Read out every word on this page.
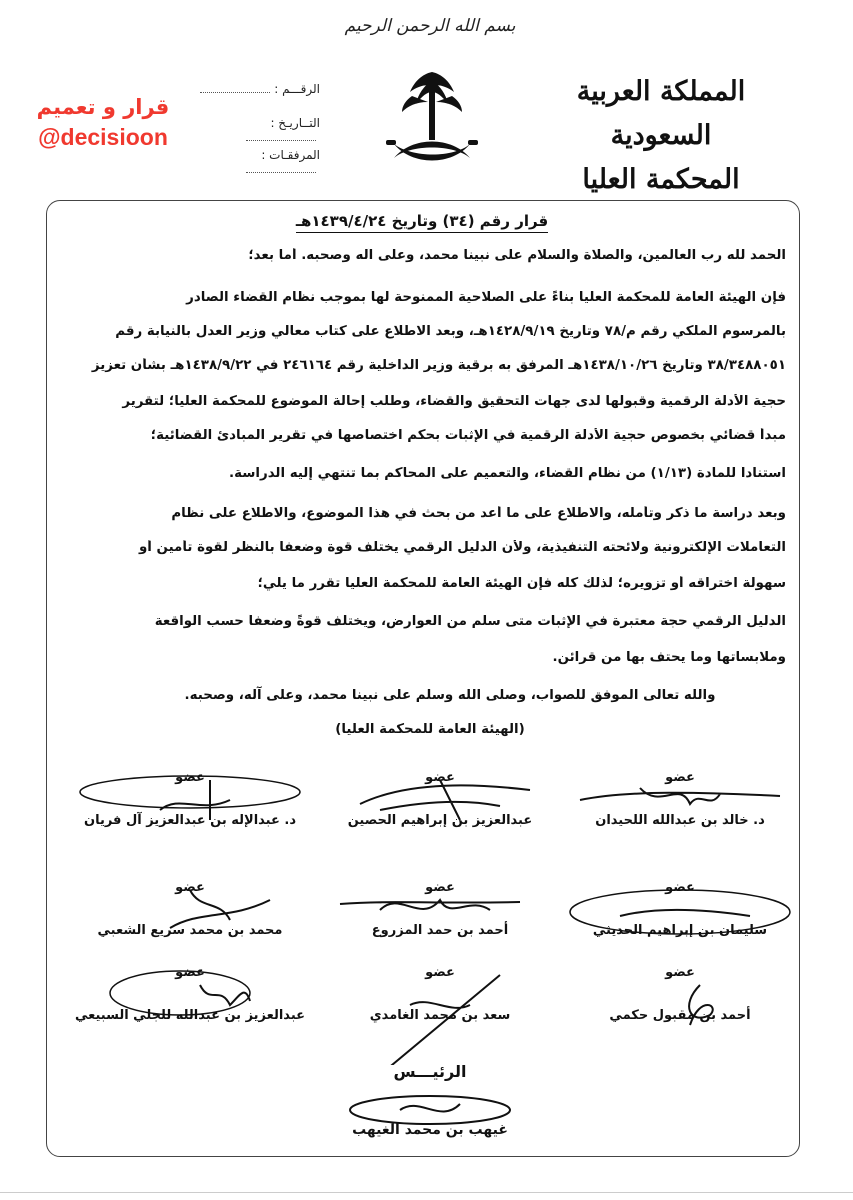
بسم الله الرحمن الرحيم
المملكة العربية السعودية
المحكمة العليا
الرقـــم :
التــاريـخ :
المرفقـات :
قرار و تعميم
@decisioon
قرار رقم (٣٤) وتاريخ ١٤٣٩/٤/٢٤هـ
الحمد لله رب العالمين، والصلاة والسلام على نبينا محمد، وعلى آله وصحبه. أما بعد؛
فإن الهيئة العامة للمحكمة العليا بناءً على الصلاحية الممنوحة لها بموجب نظام القضاء الصادر
بالمرسوم الملكي رقم م/٧٨ وتاريخ ١٤٢٨/٩/١٩هـ، وبعد الاطلاع على كتاب معالي وزير العدل بالنيابة رقم
٣٨/٣٤٨٨٠٥١ وتاريخ ١٤٣٨/١٠/٢٦هـ المرفق به برقية وزير الداخلية رقم ٢٤٦١٦٤ في ١٤٣٨/٩/٢٢هـ بشأن تعزيز
حجية الأدلة الرقمية وقبولها لدى جهات التحقيق والقضاء، وطلب إحالة الموضوع للمحكمة العليا؛ لتقرير
مبدأ قضائي بخصوص حجية الأدلة الرقمية في الإثبات بحكم اختصاصها في تقرير المبادئ القضائية؛
استناداً للمادة (١/١٣) من نظام القضاء، والتعميم على المحاكم بما تنتهي إليه الدراسة.
وبعد دراسة ما ذكر وتأمله، والاطلاع على ما أعد من بحث في هذا الموضوع، والاطلاع على نظام
التعاملات الإلكترونية ولائحته التنفيذية، ولأن الدليل الرقمي يختلف قوة وضعفاً بالنظر لقوة تأمين أو
سهولة اختراقه أو تزويره؛ لذلك كله فإن الهيئة العامة للمحكمة العليا تقرر ما يلي؛
الدليل الرقمي حجة معتبرة في الإثبات متى سلم من العوارض، ويختلف قوةً وضعفاً حسب الواقعة
وملابساتها وما يحتف بها من قرائن.
والله تعالى الموفق للصواب، وصلى الله وسلم على نبينا محمد، وعلى آله، وصحبه.
(الهيئة العامة للمحكمة العليا)
عضو
د. خالد بن عبدالله اللحيدان
عضو
عبدالعزيز بن إبراهيم الحصين
عضو
د. عبدالإله بن عبدالعزيز آل فريان
عضو
سليمان بن إبراهيم الحديثي
عضو
أحمد بن حمد المزروع
عضو
محمد بن محمد سريع الشعبي
عضو
أحمد بن مقبول حكمي
عضو
سعد بن محمد الغامدي
عضو
عبدالعزيز بن عبدالله للجلي السبيعي
الرئيـــس
غيهب بن محمد الغيهب
